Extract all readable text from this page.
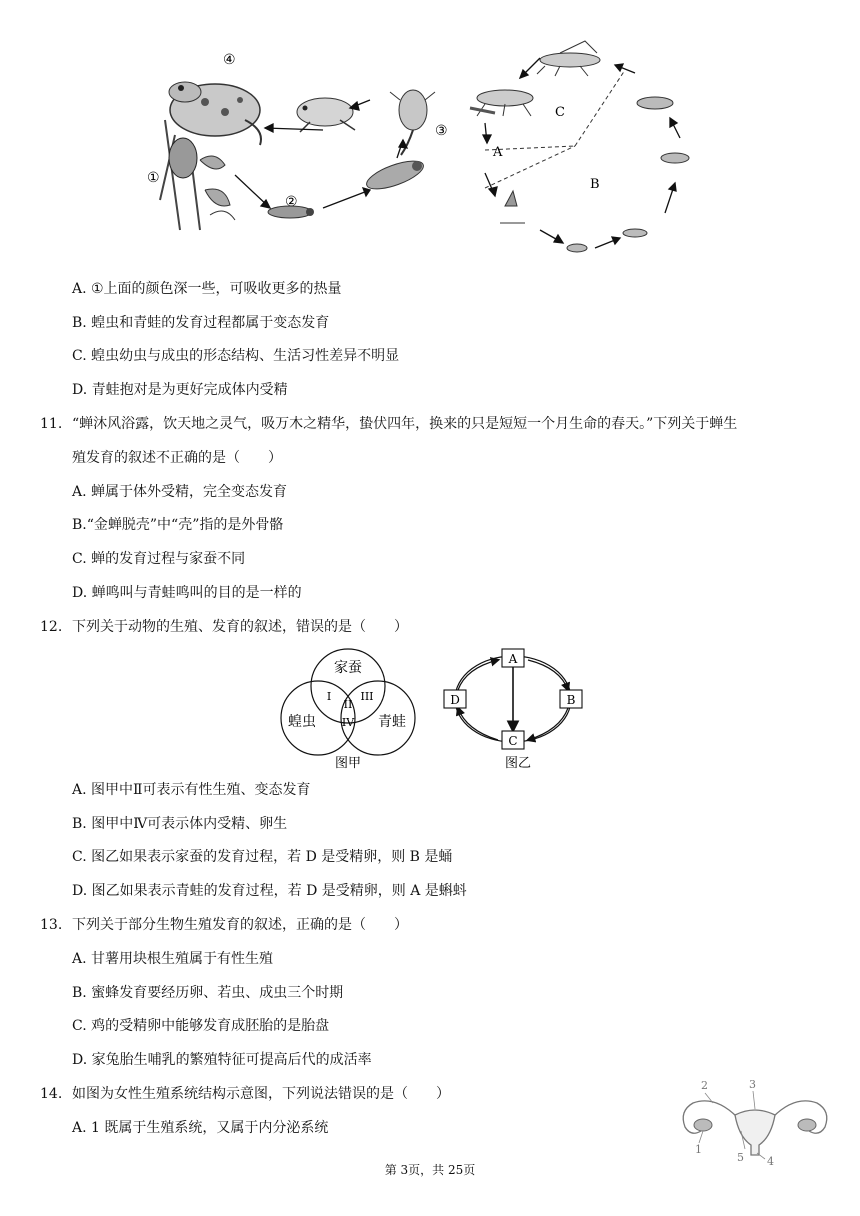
④
①
②
③
A
B
C
A. ①上面的颜色深一些，可吸收更多的热量
B. 蝗虫和青蛙的发育过程都属于变态发育
C. 蝗虫幼虫与成虫的形态结构、生活习性差异不明显
D. 青蛙抱对是为更好完成体内受精
11. “蝉沐风浴露，饮天地之灵气，吸万木之精华，蛰伏四年，换来的只是短短一个月生命的春天。”下列关于蝉生
殖发育的叙述不正确的是（　　）
A. 蝉属于体外受精，完全变态发育
B.“金蝉脱壳”中“壳”指的是外骨骼
C. 蝉的发育过程与家蚕不同
D. 蝉鸣叫与青蛙鸣叫的目的是一样的
12. 下列关于动物的生殖、发育的叙述，错误的是（　　）
家蚕
蝗虫	青蛙
I
II
III
IV
图甲
A
B
C
D
图乙
A. 图甲中Ⅱ可表示有性生殖、变态发育
B. 图甲中Ⅳ可表示体内受精、卵生
C. 图乙如果表示家蚕的发育过程，若 D 是受精卵，则 B 是蛹
D. 图乙如果表示青蛙的发育过程，若 D 是受精卵，则 A 是蝌蚪
13. 下列关于部分生物生殖发育的叙述，正确的是（　　）
A. 甘薯用块根生殖属于有性生殖
B. 蜜蜂发育要经历卵、若虫、成虫三个时期
C. 鸡的受精卵中能够发育成胚胎的是胎盘
D. 家兔胎生哺乳的繁殖特征可提高后代的成活率
14. 如图为女性生殖系统结构示意图，下列说法错误的是（　　）
A. 1 既属于生殖系统，又属于内分泌系统
1
2	3
4
5
第 3页，共 25页
